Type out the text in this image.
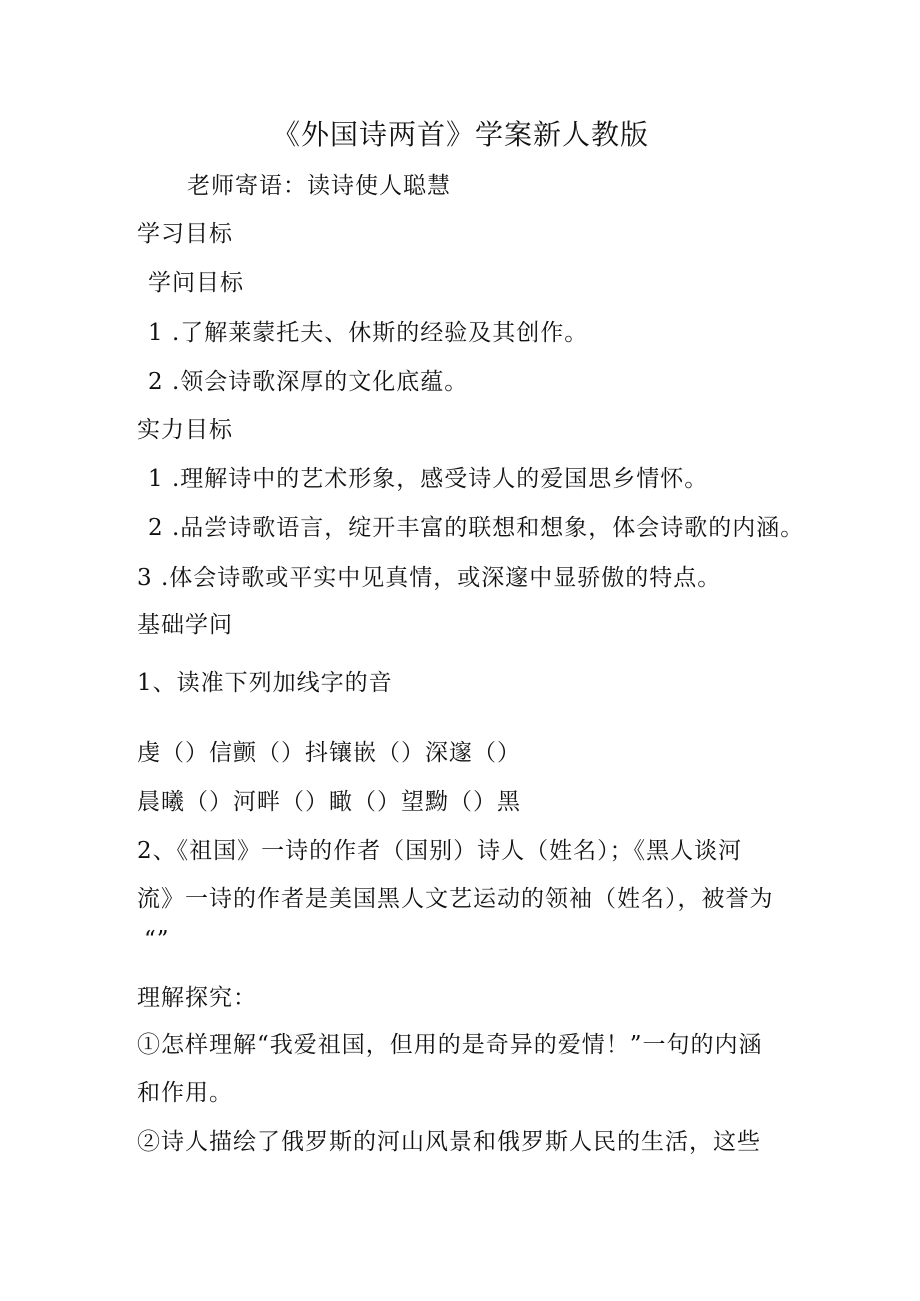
《外国诗两首》学案新人教版
老师寄语：读诗使人聪慧
学习目标
学问目标
1 .了解莱蒙托夫、休斯的经验及其创作。
2 .领会诗歌深厚的文化底蕴。
实力目标
1 .理解诗中的艺术形象，感受诗人的爱国思乡情怀。
2 .品尝诗歌语言，绽开丰富的联想和想象，体会诗歌的内涵。
3 .体会诗歌或平实中见真情，或深邃中显骄傲的特点。
基础学问
1、读准下列加线字的音
虔（）信颤（）抖镶嵌（）深邃（）
晨曦（）河畔（）瞰（）望黝（）黑
2、《祖国》一诗的作者（国别）诗人（姓名）；《黑人谈河
流》一诗的作者是美国黑人文艺运动的领袖（姓名），被誉为
“”
理解探究：
①怎样理解“我爱祖国，但用的是奇异的爱情！”一句的内涵
和作用。
②诗人描绘了俄罗斯的河山风景和俄罗斯人民的生活，这些
